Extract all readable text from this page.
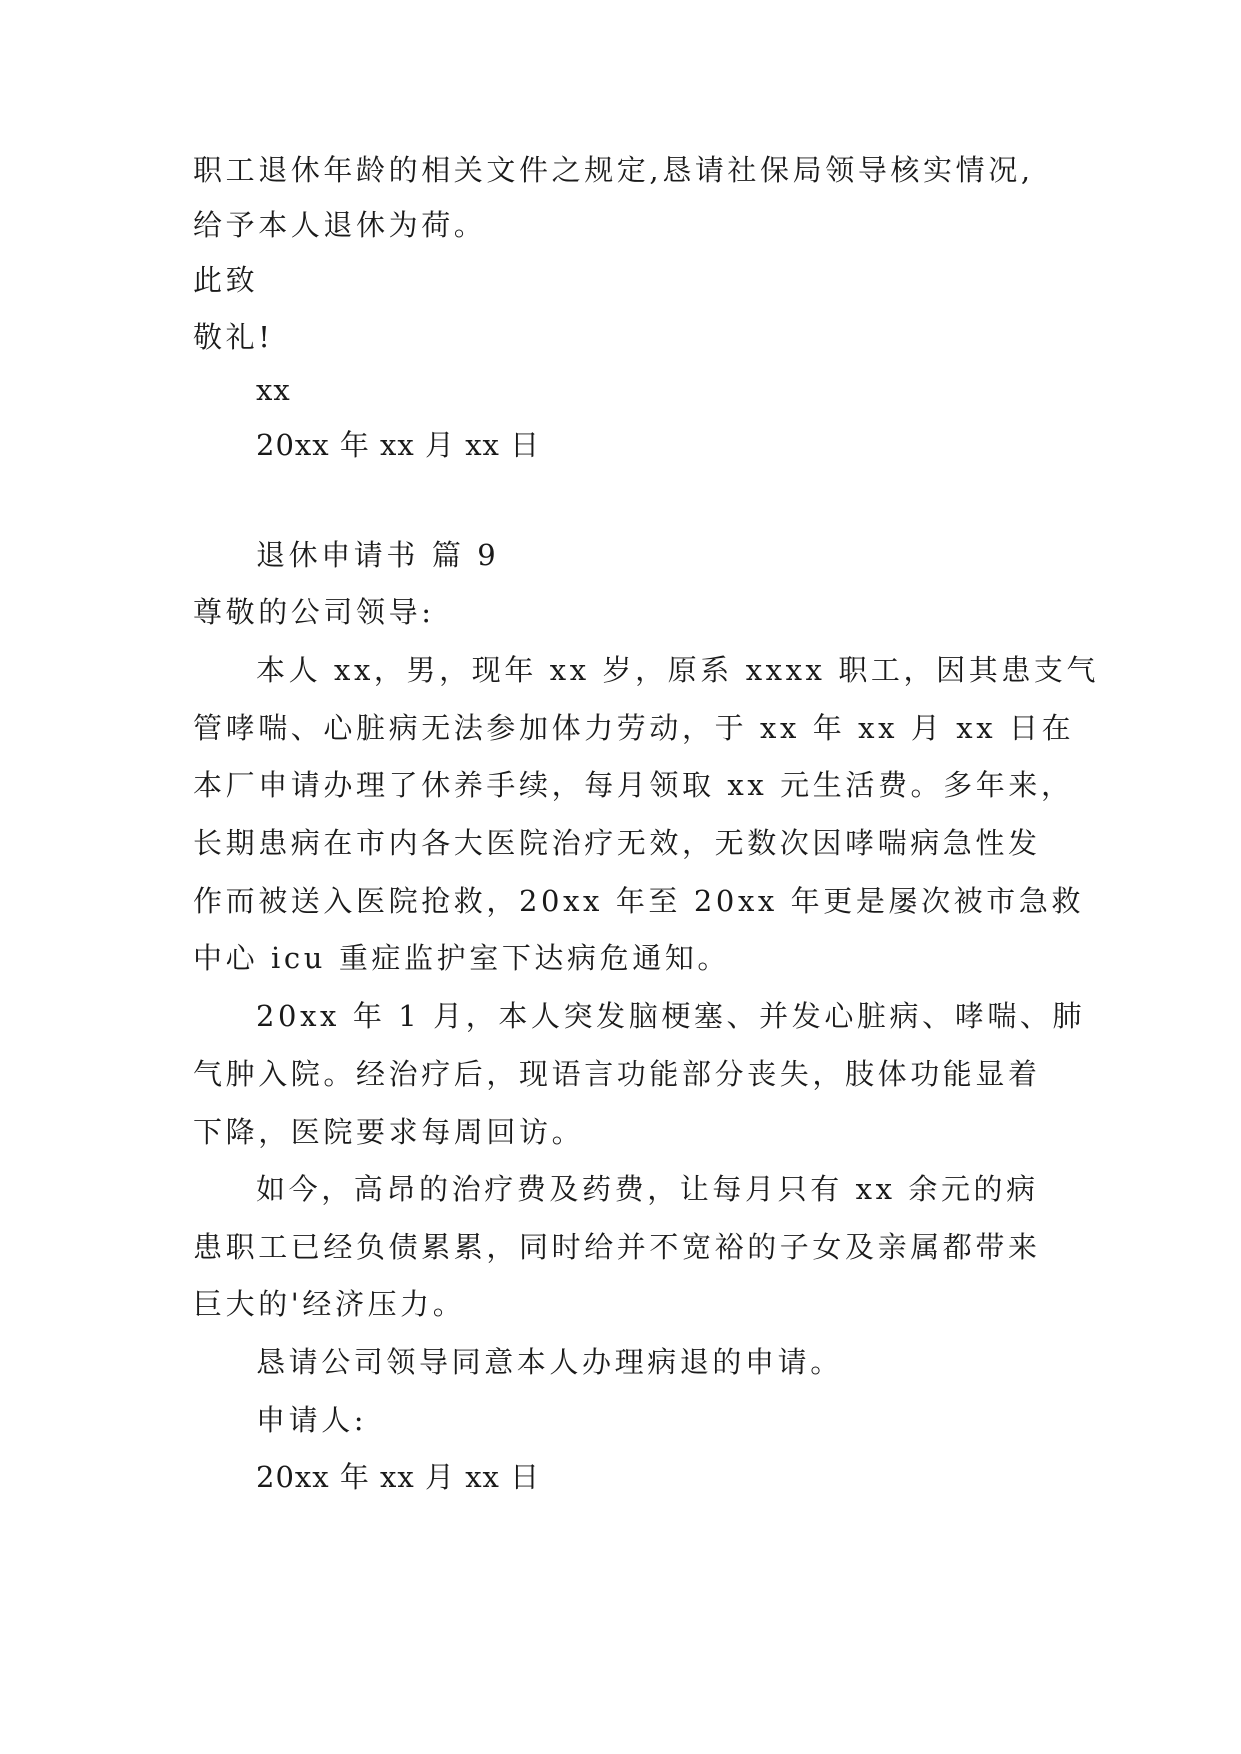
职工退休年龄的相关文件之规定,恳请社保局领导核实情况,
给予本人退休为荷。
此致
敬礼!
xx
20xx 年 xx 月 xx 日
退休申请书 篇 9
尊敬的公司领导:
本人 xx，男，现年 xx 岁，原系 xxxx 职工，因其患支气
管哮喘、心脏病无法参加体力劳动，于 xx 年 xx 月 xx 日在
本厂申请办理了休养手续，每月领取 xx 元生活费。多年来，
长期患病在市内各大医院治疗无效，无数次因哮喘病急性发
作而被送入医院抢救，20xx 年至 20xx 年更是屡次被市急救
中心 icu 重症监护室下达病危通知。
20xx 年 1 月，本人突发脑梗塞、并发心脏病、哮喘、肺
气肿入院。经治疗后，现语言功能部分丧失，肢体功能显着
下降，医院要求每周回访。
如今，高昂的治疗费及药费，让每月只有 xx 余元的病
患职工已经负债累累，同时给并不宽裕的子女及亲属都带来
巨大的'经济压力。
恳请公司领导同意本人办理病退的申请。
申请人:
20xx 年 xx 月 xx 日
